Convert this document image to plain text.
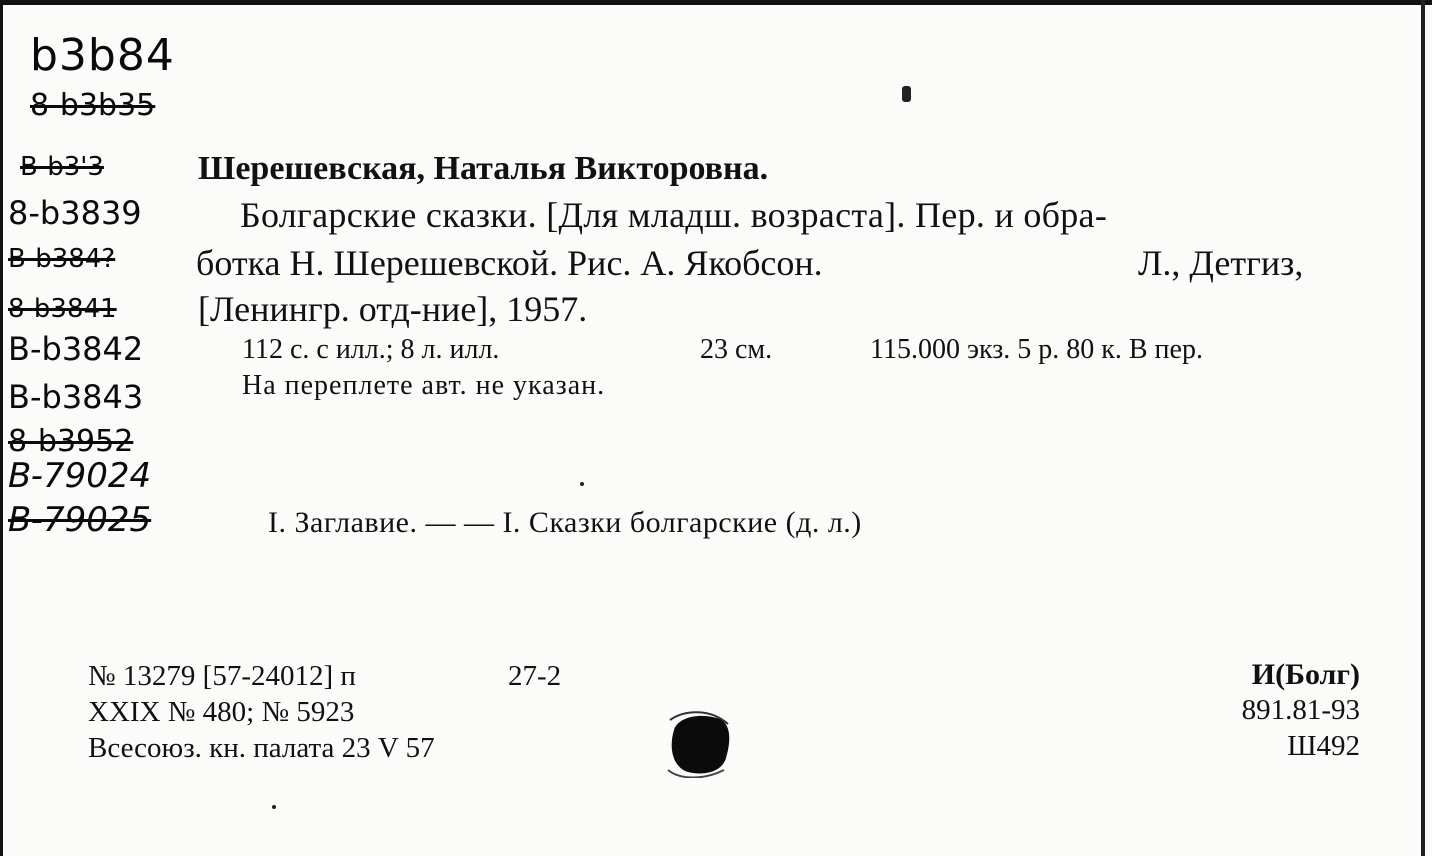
b3b84
8-b3b35
B-b3'3
8-b3839
B-b384?
8-b3841
B-b3842
B-b3843
8-b3952
B-79024
B-79025
Шерешевская, Наталья Викторовна.
Болгарские сказки. [Для младш. возраста]. Пер. и обра-
ботка Н. Шерешевской. Рис. А. Якобсон.	Л., Детгиз,
[Ленингр. отд-ние], 1957.
112 с. с илл.; 8 л. илл.	23 см.	115.000 экз. 5 р. 80 к. В пер.
На переплете авт. не указан.
I. Заглавие. — — I. Сказки болгарские (д. л.)
№ 13279 [57-24012] п	27-2
XXIX № 480; № 5923
Всесоюз. кн. палата 23 V 57
И(Болг)
891.81-93
Ш492
